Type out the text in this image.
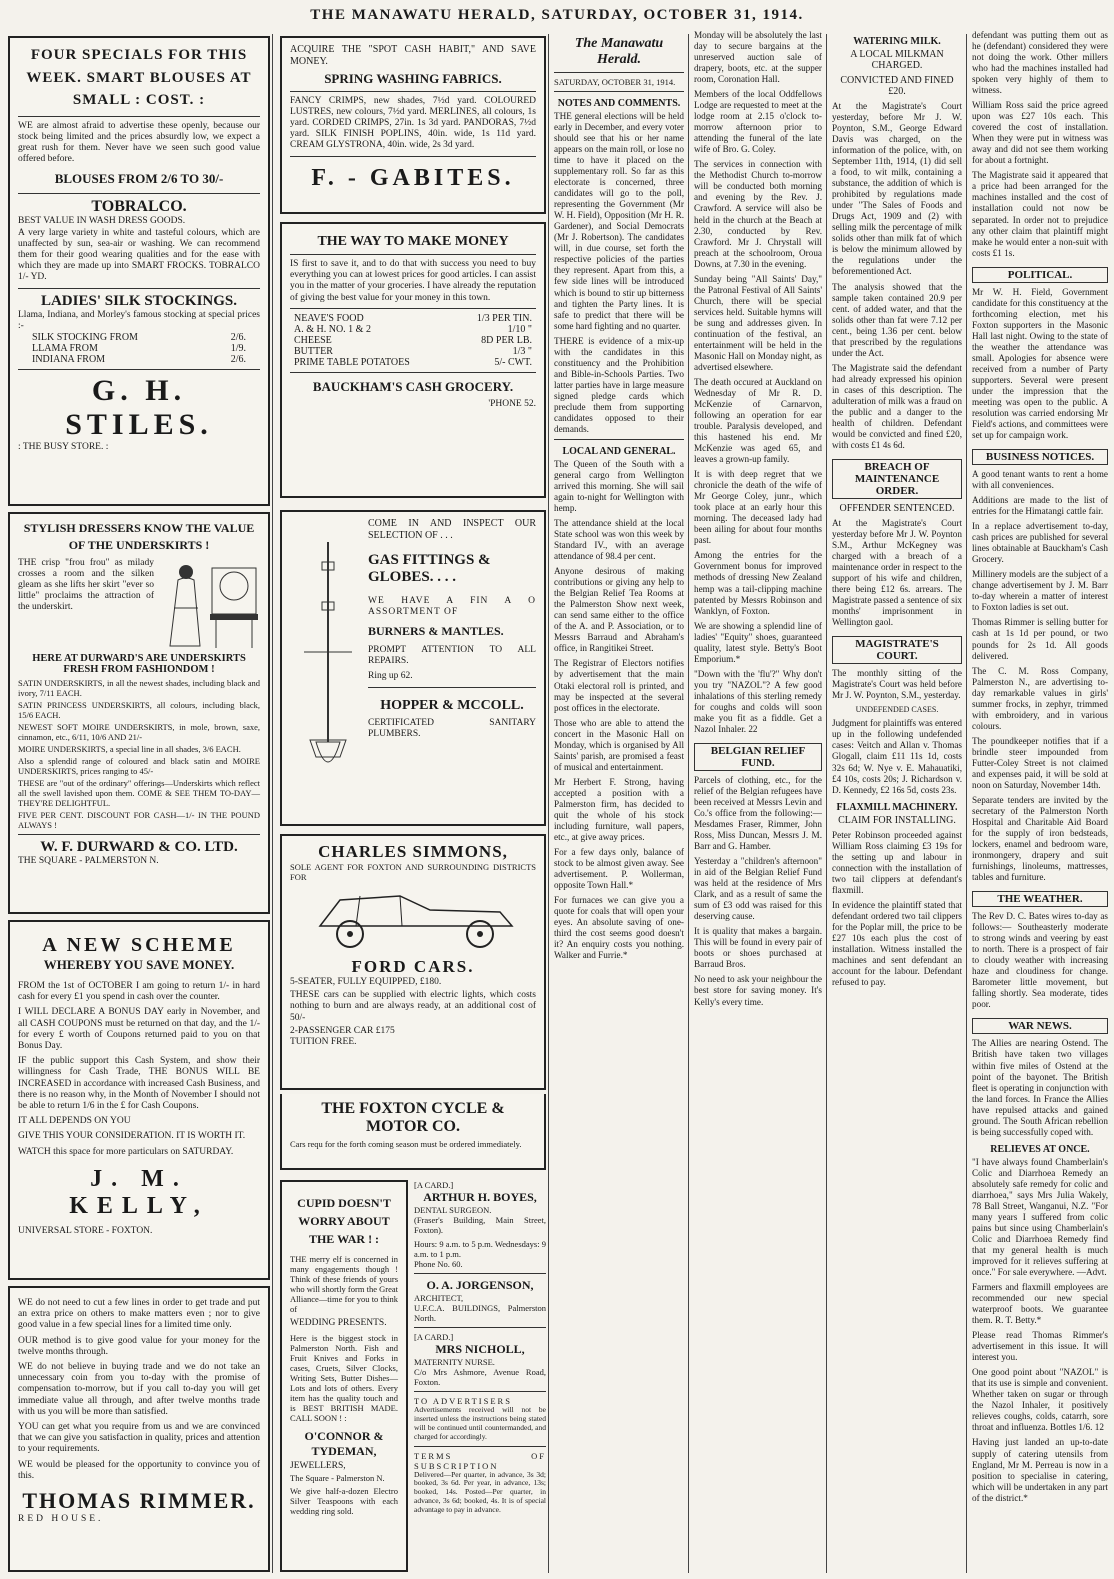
THE MANAWATU HERALD, SATURDAY, OCTOBER 31, 1914.
FOUR SPECIALS FOR THIS WEEK. SMART BLOUSES AT SMALL : COST. :
WE are almost afraid to advertise these openly, because our stock being limited and the prices absurdly low, we expect a great rush for them. Never have we seen such good value offered before.
BLOUSES FROM 2/6 TO 30/-
TOBRALCO.
BEST VALUE IN WASH DRESS GOODS.
A very large variety in white and tasteful colours, which are unaffected by sun, sea-air or washing. We can recommend them for their good wearing qualities and for the ease with which they are made up into SMART FROCKS. TOBRALCO 1/- YD.
LADIES' SILK STOCKINGS.
Llama, Indiana, and Morley's famous stocking at special prices :-
SILK STOCKING FROM	2/6.
LLAMA FROM	1/9.
INDIANA FROM	2/6.
G. H. STILES.
: THE BUSY STORE. :
STYLISH DRESSERS KNOW THE VALUE OF THE UNDERSKIRTS !
THE crisp "frou frou" as milady crosses a room and the silken gleam as she lifts her skirt "ever so little" proclaims the attraction of the underskirt.
HERE AT DURWARD'S ARE UNDERSKIRTS FRESH FROM FASHIONDOM !
SATIN UNDERSKIRTS, in all the newest shades, including black and ivory, 7/11 EACH.
SATIN PRINCESS UNDERSKIRTS, all colours, including black, 15/6 EACH.
NEWEST SOFT MOIRE UNDERSKIRTS, in mole, brown, saxe, cinnamon, etc., 6/11, 10/6 AND 21/-
MOIRE UNDERSKIRTS, a special line in all shades, 3/6 EACH.
Also a splendid range of coloured and black satin and MOIRE UNDERSKIRTS, prices ranging to 45/-
THESE are "out of the ordinary" offerings—Underskirts which reflect all the swell lavished upon them. COME & SEE THEM TO-DAY—THEY'RE DELIGHTFUL.
FIVE PER CENT. DISCOUNT FOR CASH—1/- IN THE POUND ALWAYS !
W. F. DURWARD & CO. LTD.
THE SQUARE - PALMERSTON N.
A NEW SCHEME
WHEREBY YOU SAVE MONEY.
FROM the 1st of OCTOBER I am going to return 1/- in hard cash for every £1 you spend in cash over the counter.
I WILL DECLARE A BONUS DAY early in November, and all CASH COUPONS must be returned on that day, and the 1/- for every £ worth of Coupons returned paid to you on that Bonus Day.
IF the public support this Cash System, and show their willingness for Cash Trade, THE BONUS WILL BE INCREASED in accordance with increased Cash Business, and there is no reason why, in the Month of November I should not be able to return 1/6 in the £ for Cash Coupons.
IT ALL DEPENDS ON YOU
GIVE THIS YOUR CONSIDERATION. IT IS WORTH IT.
WATCH this space for more particulars on SATURDAY.
J. M. KELLY,
UNIVERSAL STORE - FOXTON.
WE do not need to cut a few lines in order to get trade and put an extra price on others to make matters even ; nor to give good value in a few special lines for a limited time only.
OUR method is to give good value for your money for the twelve months through.
WE do not believe in buying trade and we do not take an unnecessary coin from you to-day with the promise of compensation to-morrow, but if you call to-day you will get immediate value all through, and after twelve months trade with us you will be more than satisfied.
YOU can get what you require from us and we are convinced that we can give you satisfaction in quality, prices and attention to your requirements.
WE would be pleased for the opportunity to convince you of this.
THOMAS RIMMER.
RED HOUSE.
ACQUIRE THE "SPOT CASH HABIT," AND SAVE MONEY.
SPRING WASHING FABRICS.
FANCY CRIMPS, new shades, 7½d yard. COLOURED LUSTRES, new colours, 7½d yard. MERLINES, all colours, 1s yard. CORDED CRIMPS, 27in. 1s 3d yard. PANDORAS, 7½d yard. SILK FINISH POPLINS, 40in. wide, 1s 11d yard. CREAM GLYSTRONA, 40in. wide, 2s 3d yard.
F. - GABITES.
THE WAY TO MAKE MONEY
IS first to save it, and to do that with success you need to buy everything you can at lowest prices for good articles. I can assist you in the matter of your groceries. I have already the reputation of giving the best value for your money in this town.
NEAVE'S FOOD	1/3 PER TIN.
A. & H. NO. 1 & 2	1/10 "
CHEESE	8D PER LB.
BUTTER	1/3 "
PRIME TABLE POTATOES	5/- CWT.
BAUCKHAM'S CASH GROCERY.
'PHONE 52.
COME IN AND INSPECT OUR SELECTION OF . . .
GAS FITTINGS & GLOBES. . . .
WE HAVE A FIN A O ASSORTMENT OF
BURNERS & MANTLES.
PROMPT ATTENTION TO ALL REPAIRS.
Ring up 62.
HOPPER & MCCOLL.
CERTIFICATED SANITARY PLUMBERS.
CHARLES SIMMONS,
SOLE AGENT FOR FOXTON AND SURROUNDING DISTRICTS FOR
FORD CARS.
5-SEATER, FULLY EQUIPPED, £180.
THESE cars can be supplied with electric lights, which costs nothing to burn and are always ready, at an additional cost of 50/-
2-PASSENGER CAR £175
TUITION FREE.
THE FOXTON CYCLE & MOTOR CO.
Cars requ for the forth coming season must be ordered immediately.
CUPID DOESN'T WORRY ABOUT THE WAR ! :
THE merry elf is concerned in many engagements though ! Think of these friends of yours who will shortly form the Great Alliance—time for you to think of
WEDDING PRESENTS.
Here is the biggest stock in Palmerston North. Fish and Fruit Knives and Forks in cases, Cruets, Silver Clocks, Writing Sets, Butter Dishes—Lots and lots of others. Every item has the quality touch and is BEST BRITISH MADE. CALL SOON ! :
O'CONNOR & TYDEMAN,
JEWELLERS,
The Square - Palmerston N.
We give half-a-dozen Electro Silver Teaspoons with each wedding ring sold.
[A CARD.]
ARTHUR H. BOYES,
DENTAL SURGEON.
(Fraser's Building, Main Street, Foxton).
Hours: 9 a.m. to 5 p.m. Wednesdays: 9 a.m. to 1 p.m.
Phone No. 60.
O. A. JORGENSON,
ARCHITECT,
U.F.C.A. BUILDINGS, Palmerston North.
[A CARD.]
MRS NICHOLL,
MATERNITY NURSE.
C/o Mrs Ashmore, Avenue Road, Foxton.
TO ADVERTISERS
Advertisements received will not be inserted unless the instructions being stated will be continued until countermanded, and charged for accordingly.
TERMS OF SUBSCRIPTION
Delivered—Per quarter, in advance, 3s 3d; booked, 3s 6d. Per year, in advance, 13s; booked, 14s. Posted—Per quarter, in advance, 3s 6d; booked, 4s. It is of special advantage to pay in advance.
The Manawatu Herald.
SATURDAY, OCTOBER 31, 1914.
NOTES AND COMMENTS.

THE general elections will be held early in December, and every voter should see that his or her name appears on the main roll, or lose no time to have it placed on the supplementary roll. So far as this electorate is concerned, three candidates will go to the poll, representing the Government (Mr W. H. Field), Opposition (Mr H. R. Gardener), and Social Democrats (Mr J. Robertson). The candidates will, in due course, set forth the respective policies of the parties they represent. Apart from this, a few side lines will be introduced which is bound to stir up bitterness and tighten the Party lines. It is safe to predict that there will be some hard fighting and no quarter.

THERE is evidence of a mix-up with the candidates in this constituency and the Prohibition and Bible-in-Schools Parties. Two latter parties have in large measure signed pledge cards which preclude them from supporting candidates opposed to their demands.

LOCAL AND GENERAL.

The Queen of the South with a general cargo from Wellington arrived this morning. She will sail again to-night for Wellington with hemp.

The attendance shield at the local State school was won this week by Standard IV., with an average attendance of 98.4 per cent.

Anyone desirous of making contributions or giving any help to the Belgian Relief Tea Rooms at the Palmerston Show next week, can send same either to the office of the A. and P. Association, or to Messrs Barraud and Abraham's office, in Rangitikei Street.

The Registrar of Electors notifies by advertisement that the main Otaki electoral roll is printed, and may be inspected at the several post offices in the electorate.

Those who are able to attend the concert in the Masonic Hall on Monday, which is organised by All Saints' parish, are promised a feast of musical and entertainment.

Mr Herbert F. Strong, having accepted a position with a Palmerston firm, has decided to quit the whole of his stock including furniture, wall papers, etc., at give away prices.

For a few days only, balance of stock to be almost given away. See advertisement. P. Wollerman, opposite Town Hall.*

For furnaces we can give you a quote for coals that will open your eyes. An absolute saving of one-third the cost seems good doesn't it? An enquiry costs you nothing. Walker and Furrie.*

Monday will be absolutely the last day to secure bargains at the unreserved auction sale of drapery, boots, etc. at the supper room, Coronation Hall.

Members of the local Oddfellows Lodge are requested to meet at the lodge room at 2.15 o'clock to-morrow afternoon prior to attending the funeral of the late wife of Bro. G. Coley.

The services in connection with the Methodist Church to-morrow will be conducted both morning and evening by the Rev. J. Crawford. A service will also be held in the church at the Beach at 2.30, conducted by Rev. Crawford. Mr J. Chrystall will preach at the schoolroom, Oroua Downs, at 7.30 in the evening.

Sunday being "All Saints' Day," the Patronal Festival of All Saints' Church, there will be special services held. Suitable hymns will be sung and addresses given. In continuation of the festival, an entertainment will be held in the Masonic Hall on Monday night, as advertised elsewhere.

The death occured at Auckland on Wednesday of Mr R. D. McKenzie of Carnarvon, following an operation for ear trouble. Paralysis developed, and this hastened his end. Mr McKenzie was aged 65, and leaves a grown-up family.

It is with deep regret that we chronicle the death of the wife of Mr George Coley, junr., which took place at an early hour this morning. The deceased lady had been ailing for about four months past.

Among the entries for the Government bonus for improved methods of dressing New Zealand hemp was a tail-clipping machine patented by Messrs Robinson and Wanklyn, of Foxton.

We are showing a splendid line of ladies' "Equity" shoes, guaranteed quality, latest style. Betty's Boot Emporium.*

"Down with the 'flu'?" Why don't you try "NAZOL"? A few good inhalations of this sterling remedy for coughs and colds will soon make you fit as a fiddle. Get a Nazol Inhaler. 22

BELGIAN RELIEF FUND.

Parcels of clothing, etc., for the relief of the Belgian refugees have been received at Messrs Levin and Co.'s office from the following:— Mesdames Fraser, Rimmer, John Ross, Miss Duncan, Messrs J. M. Barr and G. Hamber.

Yesterday a "children's afternoon" in aid of the Belgian Relief Fund was held at the residence of Mrs Clark, and as a result of same the sum of £3 odd was raised for this deserving cause.

It is quality that makes a bargain. This will be found in every pair of boots or shoes purchased at Barraud Bros.

No need to ask your neighbour the best store for saving money. It's Kelly's every time.

WATERING MILK.
A LOCAL MILKMAN CHARGED.
CONVICTED AND FINED £20.

At the Magistrate's Court yesterday, before Mr J. W. Poynton, S.M., George Edward Davis was charged, on the information of the police, with, on September 11th, 1914, (1) did sell a food, to wit milk, containing a substance, the addition of which is prohibited by regulations made under "The Sales of Foods and Drugs Act, 1909 and (2) with selling milk the percentage of milk solids other than milk fat of which is below the minimum allowed by the regulations under the beforementioned Act.

The analysis showed that the sample taken contained 20.9 per cent. of added water, and that the solids other than fat were 7.12 per cent., being 1.36 per cent. below that prescribed by the regulations under the Act.

The Magistrate said the defendant had already expressed his opinion in cases of this description. The adulteration of milk was a fraud on the public and a danger to the health of children. Defendant would be convicted and fined £20, with costs £1 4s 6d.

BREACH OF MAINTENANCE ORDER.
OFFENDER SENTENCED.

At the Magistrate's Court yesterday before Mr J. W. Poynton S.M., Arthur McKegney was charged with a breach of a maintenance order in respect to the support of his wife and children, there being £12 6s. arrears. The Magistrate passed a sentence of six months' imprisonment in Wellington gaol.

MAGISTRATE'S COURT.

The monthly sitting of the Magistrate's Court was held before Mr J. W. Poynton, S.M., yesterday.

UNDEFENDED CASES.

Judgment for plaintiffs was entered up in the following undefended cases: Veitch and Allan v. Thomas Glogall, claim £11 11s 1d, costs 32s 6d; W. Nye v. E. Mahauatiki, £4 10s, costs 20s; J. Richardson v. D. Kennedy, £2 16s 5d, costs 23s.

FLAXMILL MACHINERY.
CLAIM FOR INSTALLING.

Peter Robinson proceeded against William Ross claiming £3 19s for the setting up and labour in connection with the installation of two tail clippers at defendant's flaxmill.

In evidence the plaintiff stated that defendant ordered two tail clippers for the Poplar mill, the price to be £27 10s each plus the cost of installation. Witness installed the machines and sent defendant an account for the labour. Defendant refused to pay.

defendant was putting them out as he (defendant) considered they were not doing the work. Other millers who had the machines installed had spoken very highly of them to witness.

William Ross said the price agreed upon was £27 10s each. This covered the cost of installation. When they were put in witness was away and did not see them working for about a fortnight.

The Magistrate said it appeared that a price had been arranged for the machines installed and the cost of installation could not now be separated. In order not to prejudice any other claim that plaintiff might make he would enter a non-suit with costs £1 1s.

POLITICAL.

Mr W. H. Field, Government candidate for this constituency at the forthcoming election, met his Foxton supporters in the Masonic Hall last night. Owing to the state of the weather the attendance was small. Apologies for absence were received from a number of Party supporters. Several were present under the impression that the meeting was open to the public. A resolution was carried endorsing Mr Field's actions, and committees were set up for campaign work.

BUSINESS NOTICES.

A good tenant wants to rent a home with all conveniences.

Additions are made to the list of entries for the Himatangi cattle fair.

In a replace advertisement to-day, cash prices are published for several lines obtainable at Bauckham's Cash Grocery.

Millinery models are the subject of a change advertisement by J. M. Barr to-day wherein a matter of interest to Foxton ladies is set out.

Thomas Rimmer is selling butter for cash at 1s 1d per pound, or two pounds for 2s 1d. All goods delivered.

The C. M. Ross Company, Palmerston N., are advertising to-day remarkable values in girls' summer frocks, in zephyr, trimmed with embroidery, and in various colours.

The poundkeeper notifies that if a brindle steer impounded from Futter-Coley Street is not claimed and expenses paid, it will be sold at noon on Saturday, November 14th.

Separate tenders are invited by the secretary of the Palmerston North Hospital and Charitable Aid Board for the supply of iron bedsteads, lockers, enamel and bedroom ware, ironmongery, drapery and suit furnishings, linoleums, mattresses, tables and furniture.

THE WEATHER.

The Rev D. C. Bates wires to-day as follows:— Southeasterly moderate to strong winds and veering by east to north. There is a prospect of fair to cloudy weather with increasing haze and cloudiness for change. Barometer little movement, but falling shortly. Sea moderate, tides poor.

WAR NEWS.

The Allies are nearing Ostend. The British have taken two villages within five miles of Ostend at the point of the bayonet. The British fleet is operating in conjunction with the land forces. In France the Allies have repulsed attacks and gained ground. The South African rebellion is being successfully coped with.

RELIEVES AT ONCE.

"I have always found Chamberlain's Colic and Diarrhoea Remedy an absolutely safe remedy for colic and diarrhoea," says Mrs Julia Wakely, 78 Ball Street, Wanganui, N.Z. "For many years I suffered from colic pains but since using Chamberlain's Colic and Diarrhoea Remedy find that my general health is much improved for it relieves suffering at once." For sale everywhere. —Advt.

Farmers and flaxmill employees are recommended our new special waterproof boots. We guarantee them. R. T. Betty.*

Please read Thomas Rimmer's advertisement in this issue. It will interest you.

One good point about "NAZOL" is that its use is simple and convenient. Whether taken on sugar or through the Nazol Inhaler, it positively relieves coughs, colds, catarrh, sore throat and influenza. Bottles 1/6. 12

Having just landed an up-to-date supply of catering utensils from England, Mr M. Perreau is now in a position to specialise in catering, which will be undertaken in any part of the district.*
